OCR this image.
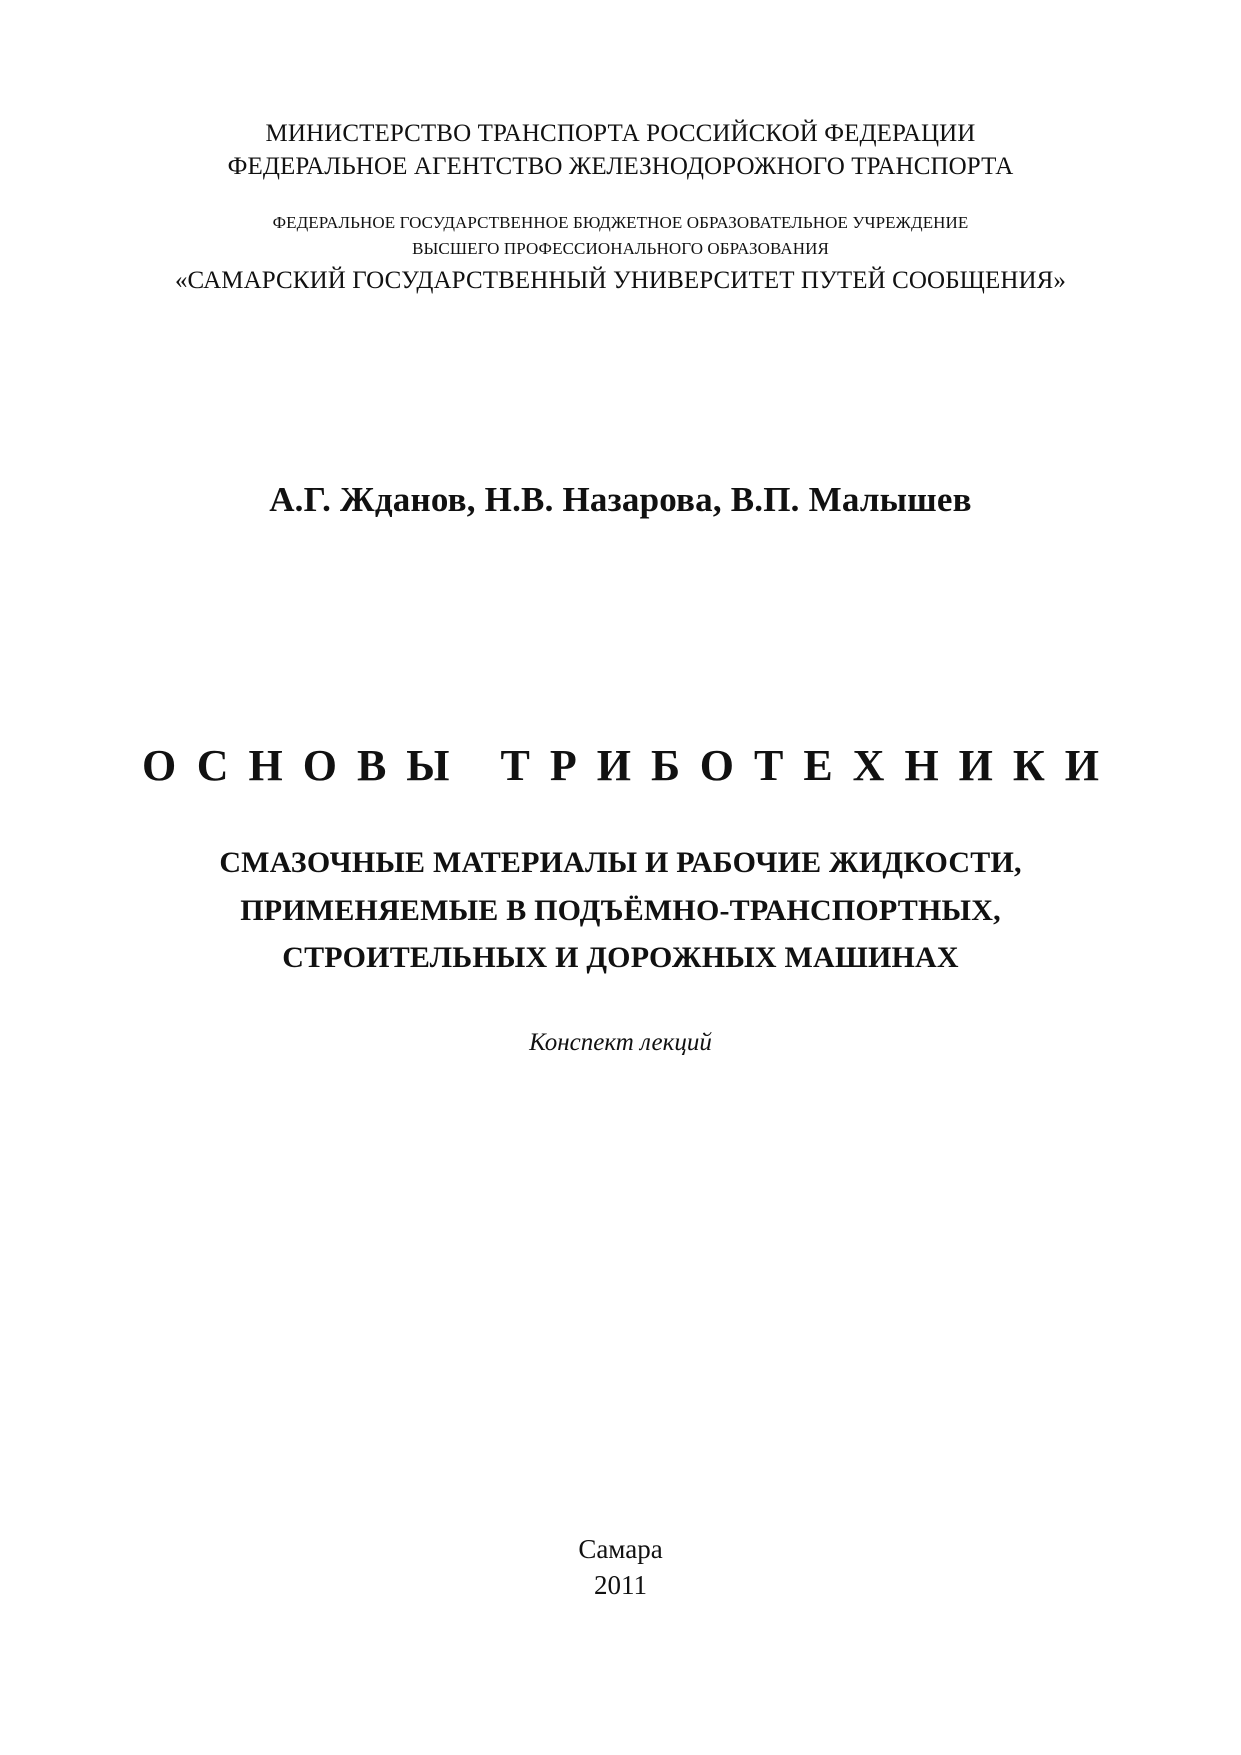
МИНИСТЕРСТВО ТРАНСПОРТА РОССИЙСКОЙ ФЕДЕРАЦИИ
ФЕДЕРАЛЬНОЕ АГЕНТСТВО ЖЕЛЕЗНОДОРОЖНОГО ТРАНСПОРТА
ФЕДЕРАЛЬНОЕ ГОСУДАРСТВЕННОЕ БЮДЖЕТНОЕ ОБРАЗОВАТЕЛЬНОЕ УЧРЕЖДЕНИЕ
ВЫСШЕГО ПРОФЕССИОНАЛЬНОГО ОБРАЗОВАНИЯ
«САМАРСКИЙ ГОСУДАРСТВЕННЫЙ УНИВЕРСИТЕТ ПУТЕЙ СООБЩЕНИЯ»
А.Г. Жданов, Н.В. Назарова, В.П. Малышев
ОСНОВЫ ТРИБОТЕХНИКИ
СМАЗОЧНЫЕ МАТЕРИАЛЫ И РАБОЧИЕ ЖИДКОСТИ,
ПРИМЕНЯЕМЫЕ В ПОДЪЁМНО-ТРАНСПОРТНЫХ,
СТРОИТЕЛЬНЫХ И ДОРОЖНЫХ МАШИНАХ
Конспект лекций
Самара
2011
